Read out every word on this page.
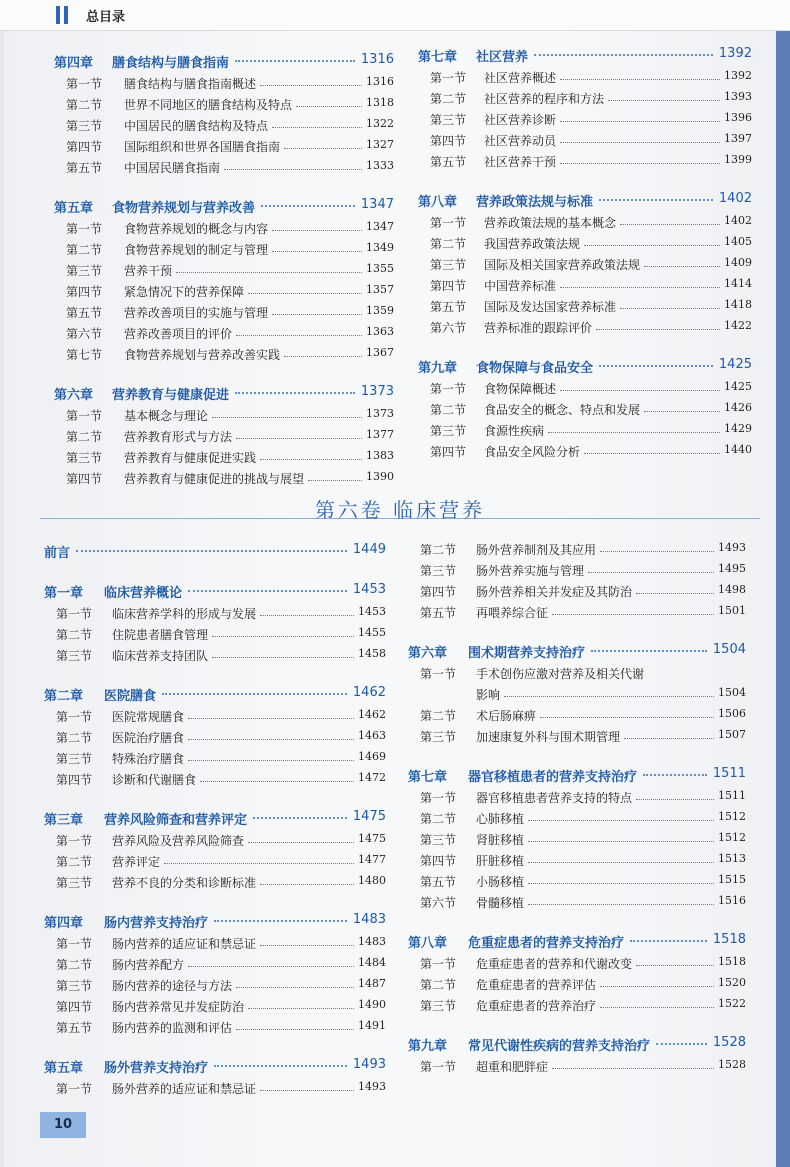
总目录
第四章 膳食结构与膳食指南	1316
第一节 膳食结构与膳食指南概述	1316
第二节 世界不同地区的膳食结构及特点	1318
第三节 中国居民的膳食结构及特点	1322
第四节 国际组织和世界各国膳食指南	1327
第五节 中国居民膳食指南	1333
第五章 食物营养规划与营养改善	1347
第一节 食物营养规划的概念与内容	1347
第二节 食物营养规划的制定与管理	1349
第三节 营养干预	1355
第四节 紧急情况下的营养保障	1357
第五节 营养改善项目的实施与管理	1359
第六节 营养改善项目的评价	1363
第七节 食物营养规划与营养改善实践	1367
第六章 营养教育与健康促进	1373
第一节 基本概念与理论	1373
第二节 营养教育形式与方法	1377
第三节 营养教育与健康促进实践	1383
第四节 营养教育与健康促进的挑战与展望	1390
第七章 社区营养	1392
第一节 社区营养概述	1392
第二节 社区营养的程序和方法	1393
第三节 社区营养诊断	1396
第四节 社区营养动员	1397
第五节 社区营养干预	1399
第八章 营养政策法规与标准	1402
第一节 营养政策法规的基本概念	1402
第二节 我国营养政策法规	1405
第三节 国际及相关国家营养政策法规	1409
第四节 中国营养标准	1414
第五节 国际及发达国家营养标准	1418
第六节 营养标准的跟踪评价	1422
第九章 食物保障与食品安全	1425
第一节 食物保障概述	1425
第二节 食品安全的概念、特点和发展	1426
第三节 食源性疾病	1429
第四节 食品安全风险分析	1440
第六卷 临床营养
前言	1449
第一章 临床营养概论	1453
第一节 临床营养学科的形成与发展	1453
第二节 住院患者膳食管理	1455
第三节 临床营养支持团队	1458
第二章 医院膳食	1462
第一节 医院常规膳食	1462
第二节 医院治疗膳食	1463
第三节 特殊治疗膳食	1469
第四节 诊断和代谢膳食	1472
第三章 营养风险筛查和营养评定	1475
第一节 营养风险及营养风险筛查	1475
第二节 营养评定	1477
第三节 营养不良的分类和诊断标准	1480
第四章 肠内营养支持治疗	1483
第一节 肠内营养的适应证和禁忌证	1483
第二节 肠内营养配方	1484
第三节 肠内营养的途径与方法	1487
第四节 肠内营养常见并发症防治	1490
第五节 肠内营养的监测和评估	1491
第五章 肠外营养支持治疗	1493
第一节 肠外营养的适应证和禁忌证	1493
第二节 肠外营养制剂及其应用	1493
第三节 肠外营养实施与管理	1495
第四节 肠外营养相关并发症及其防治	1498
第五节 再喂养综合征	1501
第六章 围术期营养支持治疗	1504
第一节 手术创伤应激对营养及相关代谢
影响	1504
第二节 术后肠麻痹	1506
第三节 加速康复外科与围术期管理	1507
第七章 器官移植患者的营养支持治疗	1511
第一节 器官移植患者营养支持的特点	1511
第二节 心肺移植	1512
第三节 肾脏移植	1512
第四节 肝脏移植	1513
第五节 小肠移植	1515
第六节 骨髓移植	1516
第八章 危重症患者的营养支持治疗	1518
第一节 危重症患者的营养和代谢改变	1518
第二节 危重症患者的营养评估	1520
第三节 危重症患者的营养治疗	1522
第九章 常见代谢性疾病的营养支持治疗	1528
第一节 超重和肥胖症	1528
10
